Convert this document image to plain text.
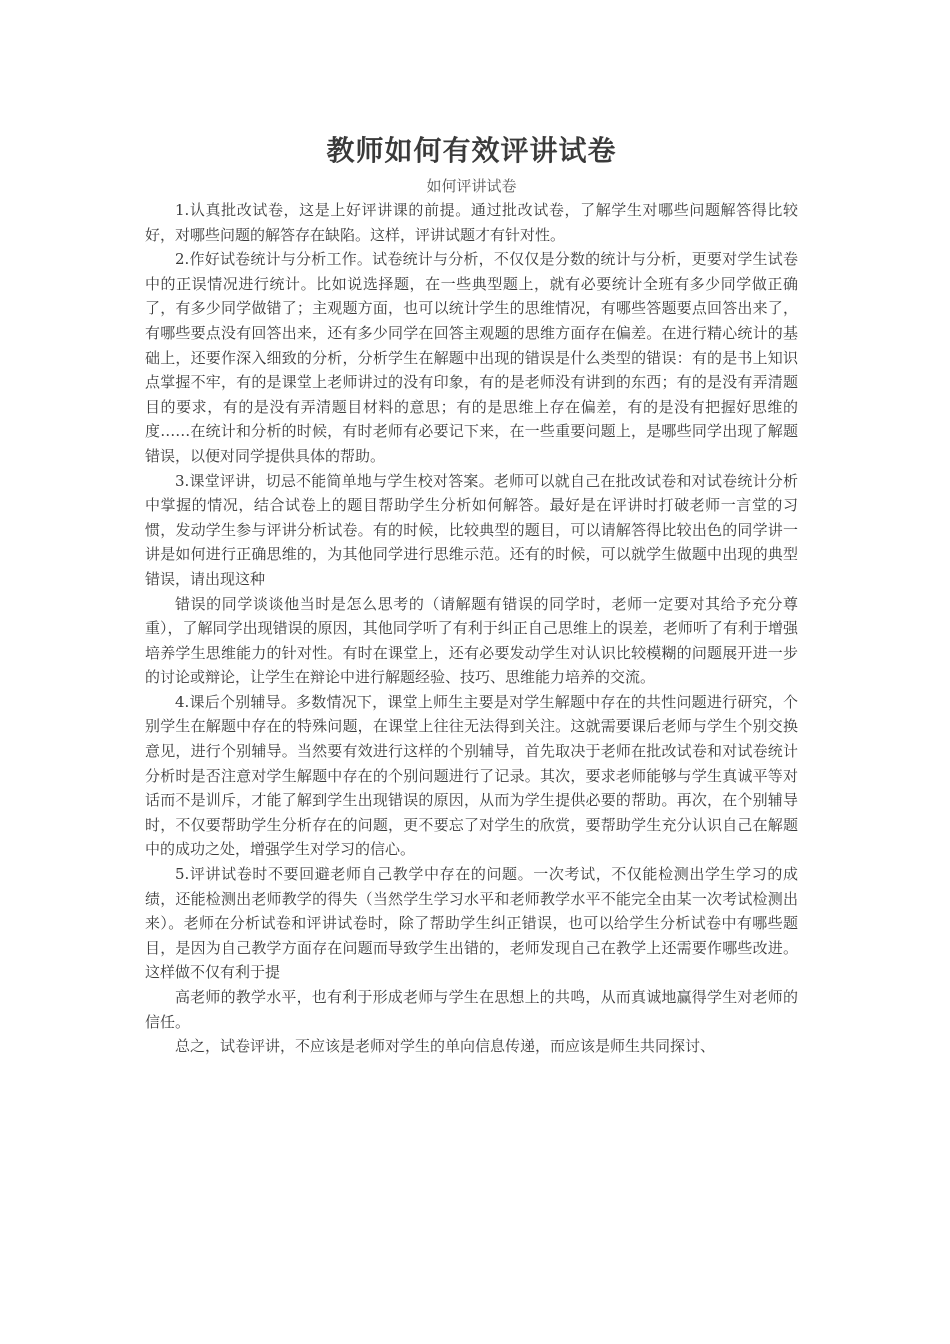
教师如何有效评讲试卷

如何评讲试卷

1.认真批改试卷，这是上好评讲课的前提。通过批改试卷，了解学生对哪些问题解答得比较好，对哪些问题的解答存在缺陷。这样，评讲试题才有针对性。

2.作好试卷统计与分析工作。试卷统计与分析，不仅仅是分数的统计与分析，更要对学生试卷中的正误情况进行统计。比如说选择题，在一些典型题上，就有必要统计全班有多少同学做正确了，有多少同学做错了；主观题方面，也可以统计学生的思维情况，有哪些答题要点回答出来了，有哪些要点没有回答出来，还有多少同学在回答主观题的思维方面存在偏差。在进行精心统计的基础上，还要作深入细致的分析，分析学生在解题中出现的错误是什么类型的错误：有的是书上知识点掌握不牢，有的是课堂上老师讲过的没有印象，有的是老师没有讲到的东西；有的是没有弄清题目的要求，有的是没有弄清题目材料的意思；有的是思维上存在偏差，有的是没有把握好思维的度……在统计和分析的时候，有时老师有必要记下来，在一些重要问题上，是哪些同学出现了解题错误，以便对同学提供具体的帮助。

3.课堂评讲，切忌不能简单地与学生校对答案。老师可以就自己在批改试卷和对试卷统计分析中掌握的情况，结合试卷上的题目帮助学生分析如何解答。最好是在评讲时打破老师一言堂的习惯，发动学生参与评讲分析试卷。有的时候，比较典型的题目，可以请解答得比较出色的同学讲一讲是如何进行正确思维的，为其他同学进行思维示范。还有的时候，可以就学生做题中出现的典型错误，请出现这种

错误的同学谈谈他当时是怎么思考的（请解题有错误的同学时，老师一定要对其给予充分尊重），了解同学出现错误的原因，其他同学听了有利于纠正自己思维上的误差，老师听了有利于增强培养学生思维能力的针对性。有时在课堂上，还有必要发动学生对认识比较模糊的问题展开进一步的讨论或辩论，让学生在辩论中进行解题经验、技巧、思维能力培养的交流。

4.课后个别辅导。多数情况下，课堂上师生主要是对学生解题中存在的共性问题进行研究，个别学生在解题中存在的特殊问题，在课堂上往往无法得到关注。这就需要课后老师与学生个别交换意见，进行个别辅导。当然要有效进行这样的个别辅导，首先取决于老师在批改试卷和对试卷统计分析时是否注意对学生解题中存在的个别问题进行了记录。其次，要求老师能够与学生真诚平等对话而不是训斥，才能了解到学生出现错误的原因，从而为学生提供必要的帮助。再次，在个别辅导时，不仅要帮助学生分析存在的问题，更不要忘了对学生的欣赏，要帮助学生充分认识自己在解题中的成功之处，增强学生对学习的信心。

5.评讲试卷时不要回避老师自己教学中存在的问题。一次考试，不仅能检测出学生学习的成绩，还能检测出老师教学的得失（当然学生学习水平和老师教学水平不能完全由某一次考试检测出来）。老师在分析试卷和评讲试卷时，除了帮助学生纠正错误，也可以给学生分析试卷中有哪些题目，是因为自己教学方面存在问题而导致学生出错的，老师发现自己在教学上还需要作哪些改进。这样做不仅有利于提

高老师的教学水平，也有利于形成老师与学生在思想上的共鸣，从而真诚地赢得学生对老师的信任。

总之，试卷评讲，不应该是老师对学生的单向信息传递，而应该是师生共同探讨、
